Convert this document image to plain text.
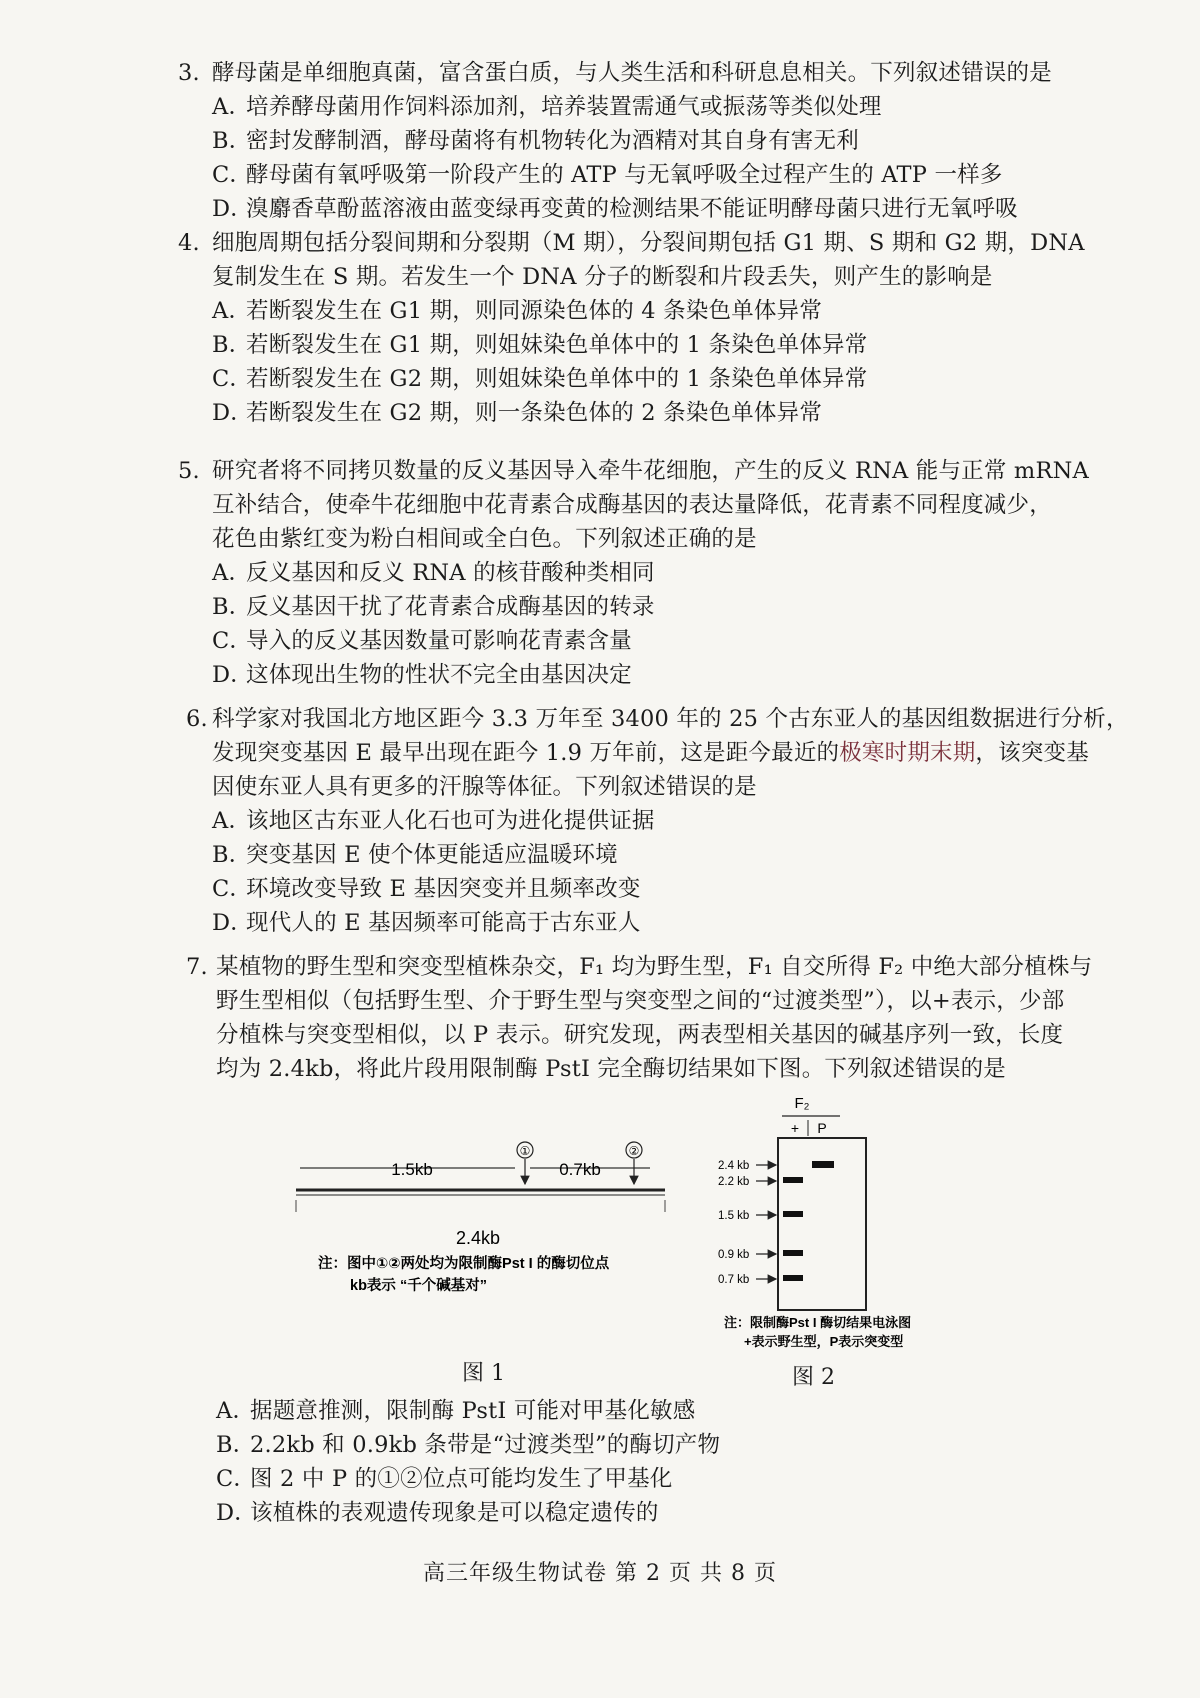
3. 酵母菌是单细胞真菌，富含蛋白质，与人类生活和科研息息相关。下列叙述错误的是
A．培养酵母菌用作饲料添加剂，培养装置需通气或振荡等类似处理
B．密封发酵制酒，酵母菌将有机物转化为酒精对其自身有害无利
C．酵母菌有氧呼吸第一阶段产生的 ATP 与无氧呼吸全过程产生的 ATP 一样多
D．溴麝香草酚蓝溶液由蓝变绿再变黄的检测结果不能证明酵母菌只进行无氧呼吸
4. 细胞周期包括分裂间期和分裂期（M 期），分裂间期包括 G1 期、S 期和 G2 期，DNA
复制发生在 S 期。若发生一个 DNA 分子的断裂和片段丢失，则产生的影响是
A．若断裂发生在 G1 期，则同源染色体的 4 条染色单体异常
B．若断裂发生在 G1 期，则姐妹染色单体中的 1 条染色单体异常
C．若断裂发生在 G2 期，则姐妹染色单体中的 1 条染色单体异常
D．若断裂发生在 G2 期，则一条染色体的 2 条染色单体异常
5. 研究者将不同拷贝数量的反义基因导入牵牛花细胞，产生的反义 RNA 能与正常 mRNA
互补结合，使牵牛花细胞中花青素合成酶基因的表达量降低，花青素不同程度减少，
花色由紫红变为粉白相间或全白色。下列叙述正确的是
A．反义基因和反义 RNA 的核苷酸种类相同
B．反义基因干扰了花青素合成酶基因的转录
C．导入的反义基因数量可影响花青素含量
D．这体现出生物的性状不完全由基因决定
6. 科学家对我国北方地区距今 3.3 万年至 3400 年的 25 个古东亚人的基因组数据进行分析，
发现突变基因 E 最早出现在距今 1.9 万年前，这是距今最近的极寒时期末期，该突变基
因使东亚人具有更多的汗腺等体征。下列叙述错误的是
A．该地区古东亚人化石也可为进化提供证据
B．突变基因 E 使个体更能适应温暖环境
C．环境改变导致 E 基因突变并且频率改变
D．现代人的 E 基因频率可能高于古东亚人
7. 某植物的野生型和突变型植株杂交，F₁ 均为野生型，F₁ 自交所得 F₂ 中绝大部分植株与
野生型相似（包括野生型、介于野生型与突变型之间的“过渡类型”），以+表示，少部
分植株与突变型相似，以 P 表示。研究发现，两表型相关基因的碱基序列一致，长度
均为 2.4kb，将此片段用限制酶 PstI 完全酶切结果如下图。下列叙述错误的是
1.5kb	0.7kb
①	②
2.4kb
注：图中①②两处均为限制酶Pst I 的酶切位点
kb表示 “千个碱基对”
F₂
+ P
2.4 kb
2.2 kb
1.5 kb
0.9 kb
0.7 kb
注：限制酶Pst I 酶切结果电泳图
+表示野生型，P表示突变型
图 1	图 2
A．据题意推测，限制酶 PstI 可能对甲基化敏感
B．2.2kb 和 0.9kb 条带是“过渡类型”的酶切产物
C．图 2 中 P 的①②位点可能均发生了甲基化
D．该植株的表观遗传现象是可以稳定遗传的
高三年级生物试卷 第 2 页 共 8 页
